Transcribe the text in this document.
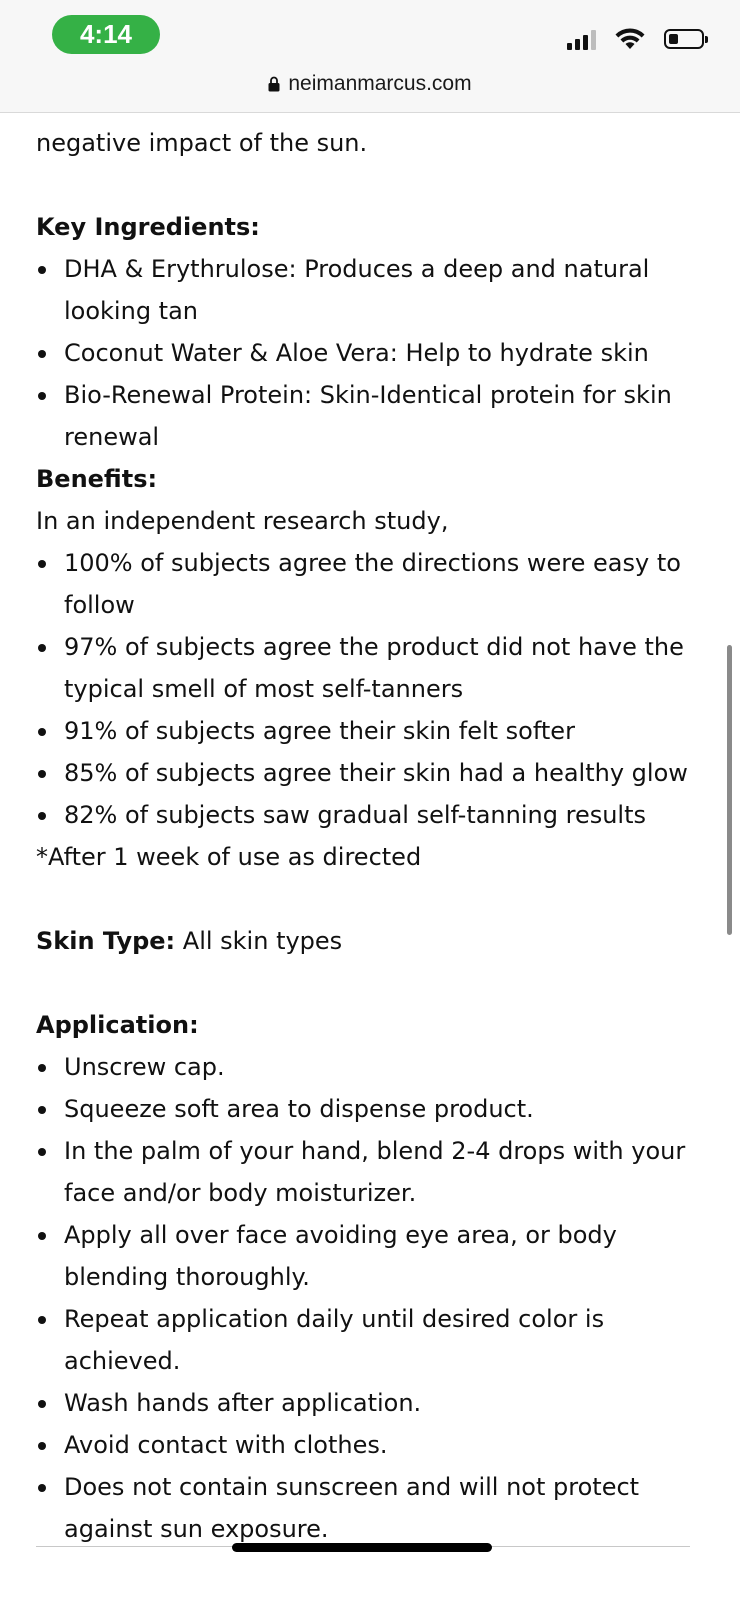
4:14
neimanmarcus.com

negative impact of the sun.

Key Ingredients:

DHA & Erythrulose: Produces a deep and natural looking tan
Coconut Water & Aloe Vera: Help to hydrate skin
Bio-Renewal Protein: Skin-Identical protein for skin renewal

Benefits:

In an independent research study,

100% of subjects agree the directions were easy to follow
97% of subjects agree the product did not have the typical smell of most self-tanners
91% of subjects agree their skin felt softer
85% of subjects agree their skin had a healthy glow
82% of subjects saw gradual self-tanning results

*After 1 week of use as directed

Skin Type: All skin types

Application:

Unscrew cap.
Squeeze soft area to dispense product.
In the palm of your hand, blend 2-4 drops with your face and/or body moisturizer.
Apply all over face avoiding eye area, or body blending thoroughly.
Repeat application daily until desired color is achieved.
Wash hands after application.
Avoid contact with clothes.
Does not contain sunscreen and will not protect against sun exposure.
